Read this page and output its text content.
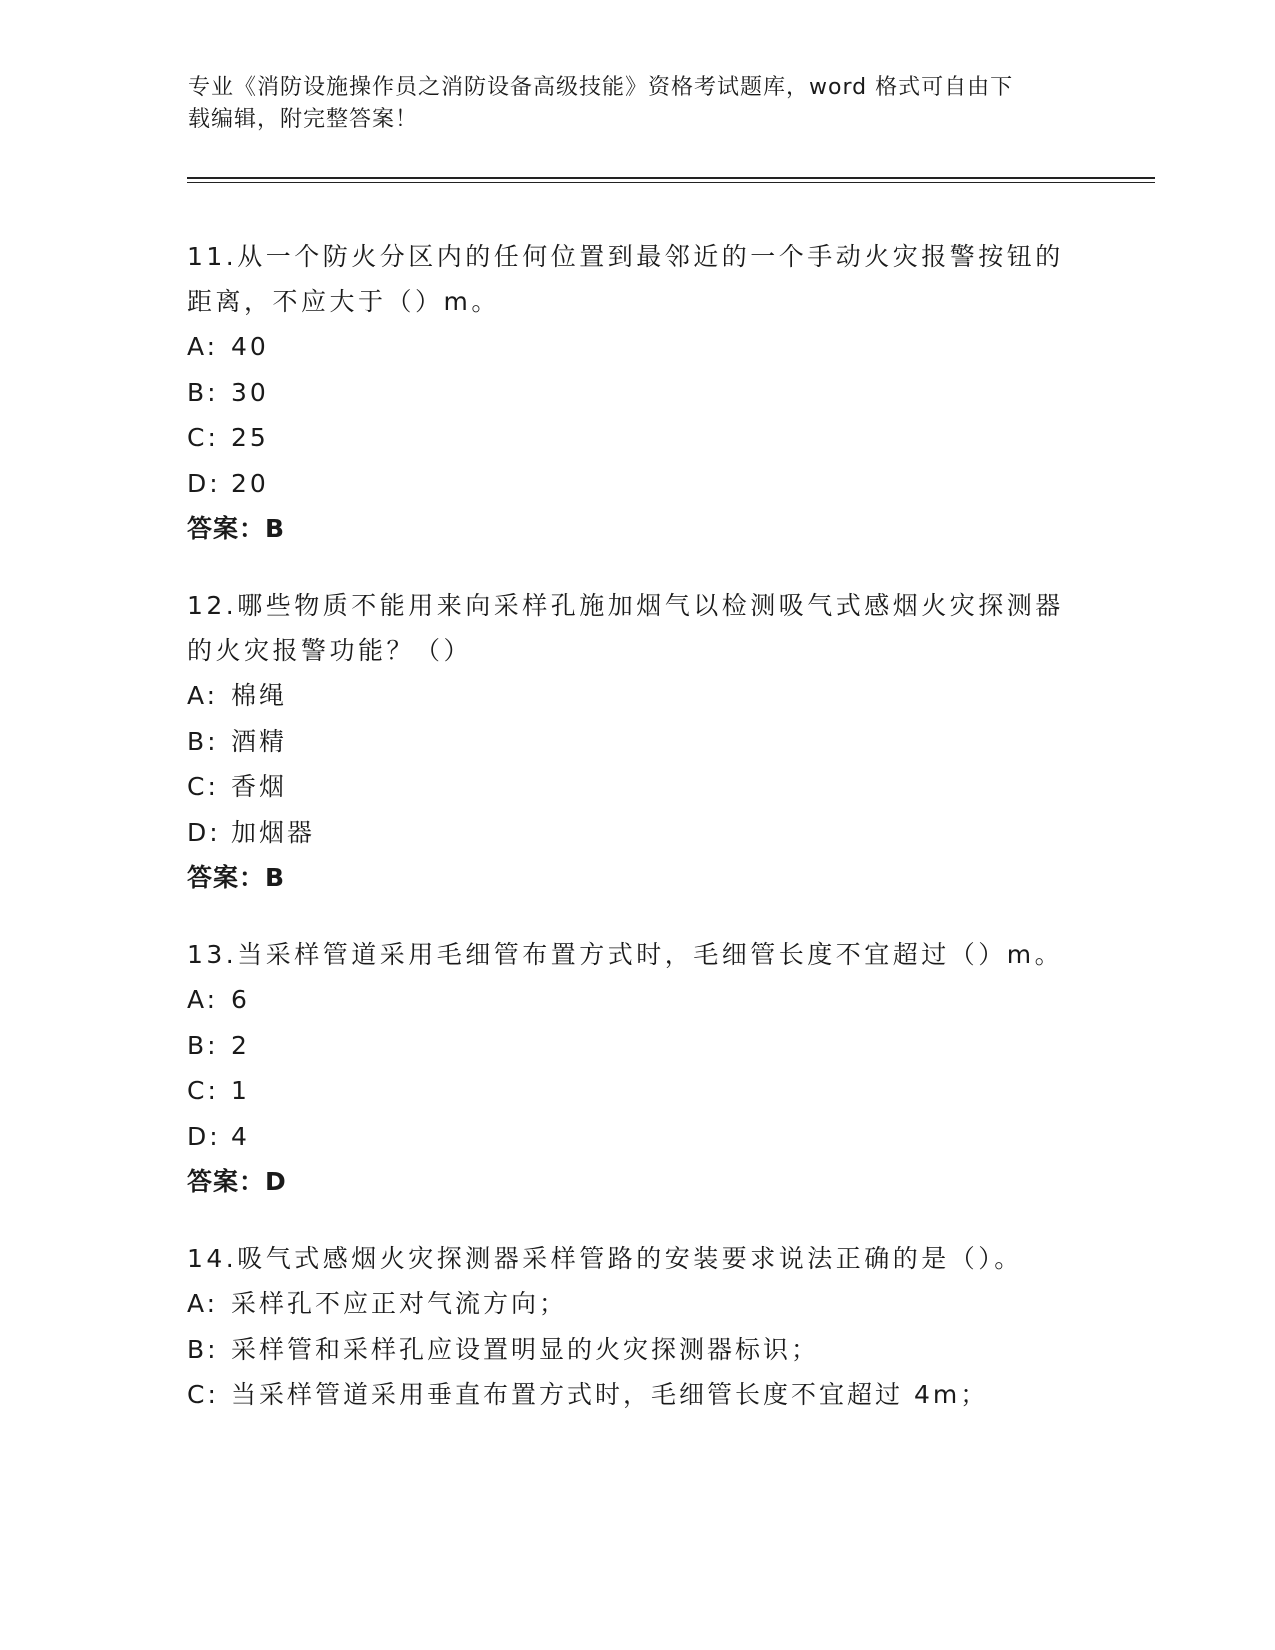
专业《消防设施操作员之消防设备高级技能》资格考试题库，word 格式可自由下
载编辑，附完整答案！
11.从一个防火分区内的任何位置到最邻近的一个手动火灾报警按钮的距离，不应大于（）m。
A: 40
B: 30
C: 25
D: 20
答案：B
12.哪些物质不能用来向采样孔施加烟气以检测吸气式感烟火灾探测器的火灾报警功能？（）
A: 棉绳
B: 酒精
C: 香烟
D: 加烟器
答案：B
13.当采样管道采用毛细管布置方式时，毛细管长度不宜超过（）m。
A: 6
B: 2
C: 1
D: 4
答案：D
14.吸气式感烟火灾探测器采样管路的安装要求说法正确的是（）。
A: 采样孔不应正对气流方向；
B: 采样管和采样孔应设置明显的火灾探测器标识；
C: 当采样管道采用垂直布置方式时，毛细管长度不宜超过 4m；
